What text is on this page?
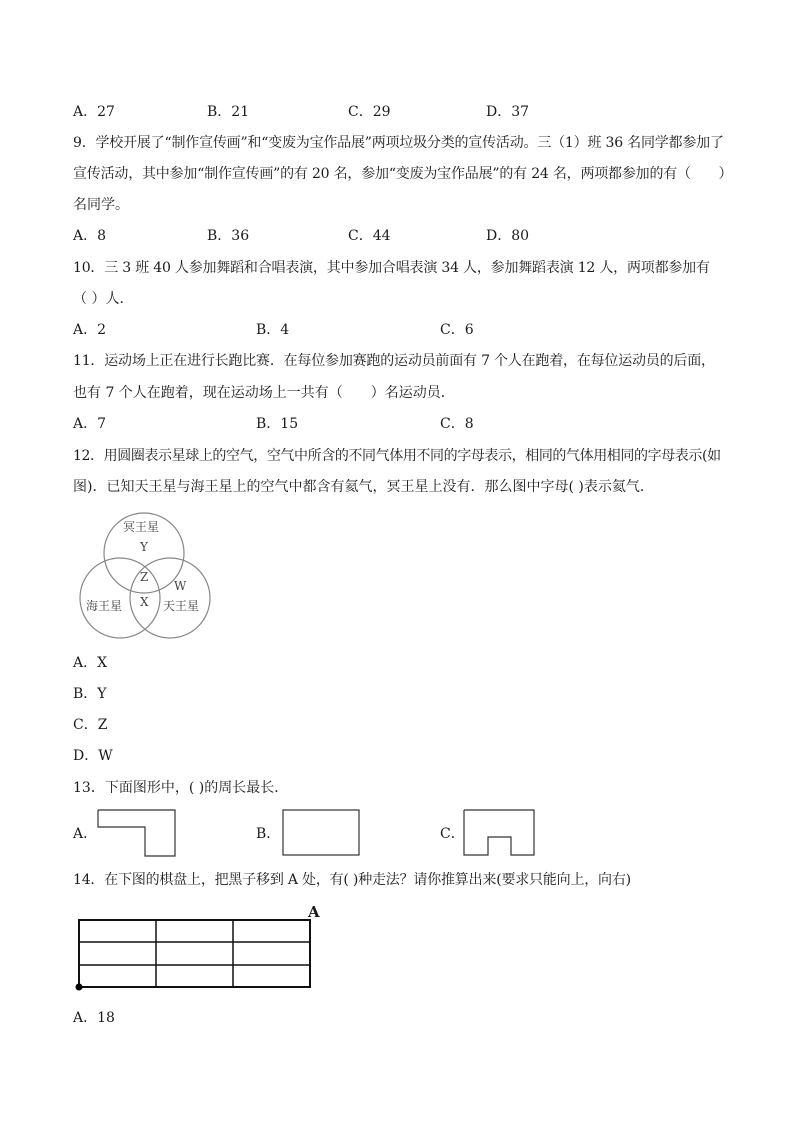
A．27	B．21	C．29	D．37
9．学校开展了“制作宣传画”和“变废为宝作品展”两项垃圾分类的宣传活动。三（1）班 36 名同学都参加了
宣传活动，其中参加“制作宣传画”的有 20 名，参加“变废为宝作品展”的有 24 名，两项都参加的有（　　）
名同学。
A．8	B．36	C．44	D．80
10．三 3 班 40 人参加舞蹈和合唱表演，其中参加合唱表演 34 人，参加舞蹈表演 12 人，两项都参加有
（ ）人．
A．2	B．4	C．6
11．运动场上正在进行长跑比赛．在每位参加赛跑的运动员前面有 7 个人在跑着，在每位运动员的后面，
也有 7 个人在跑着，现在运动场上一共有（　　）名运动员．
A．7	B．15	C．8
12．用圆圈表示星球上的空气，空气中所含的不同气体用不同的字母表示，相同的气体用相同的字母表示(如
图)．已知天王星与海王星上的空气中都含有氦气，冥王星上没有．那么图中字母( )表示氦气．
冥王星
Y
Z
W
X
海王星	天王星
A．X
B．Y
C．Z
D．W
13．下面图形中，( )的周长最长．
A．	B．	C．
14．在下图的棋盘上，把黑子移到 A 处，有( )种走法？请你推算出来(要求只能向上，向右)
A
A．18
